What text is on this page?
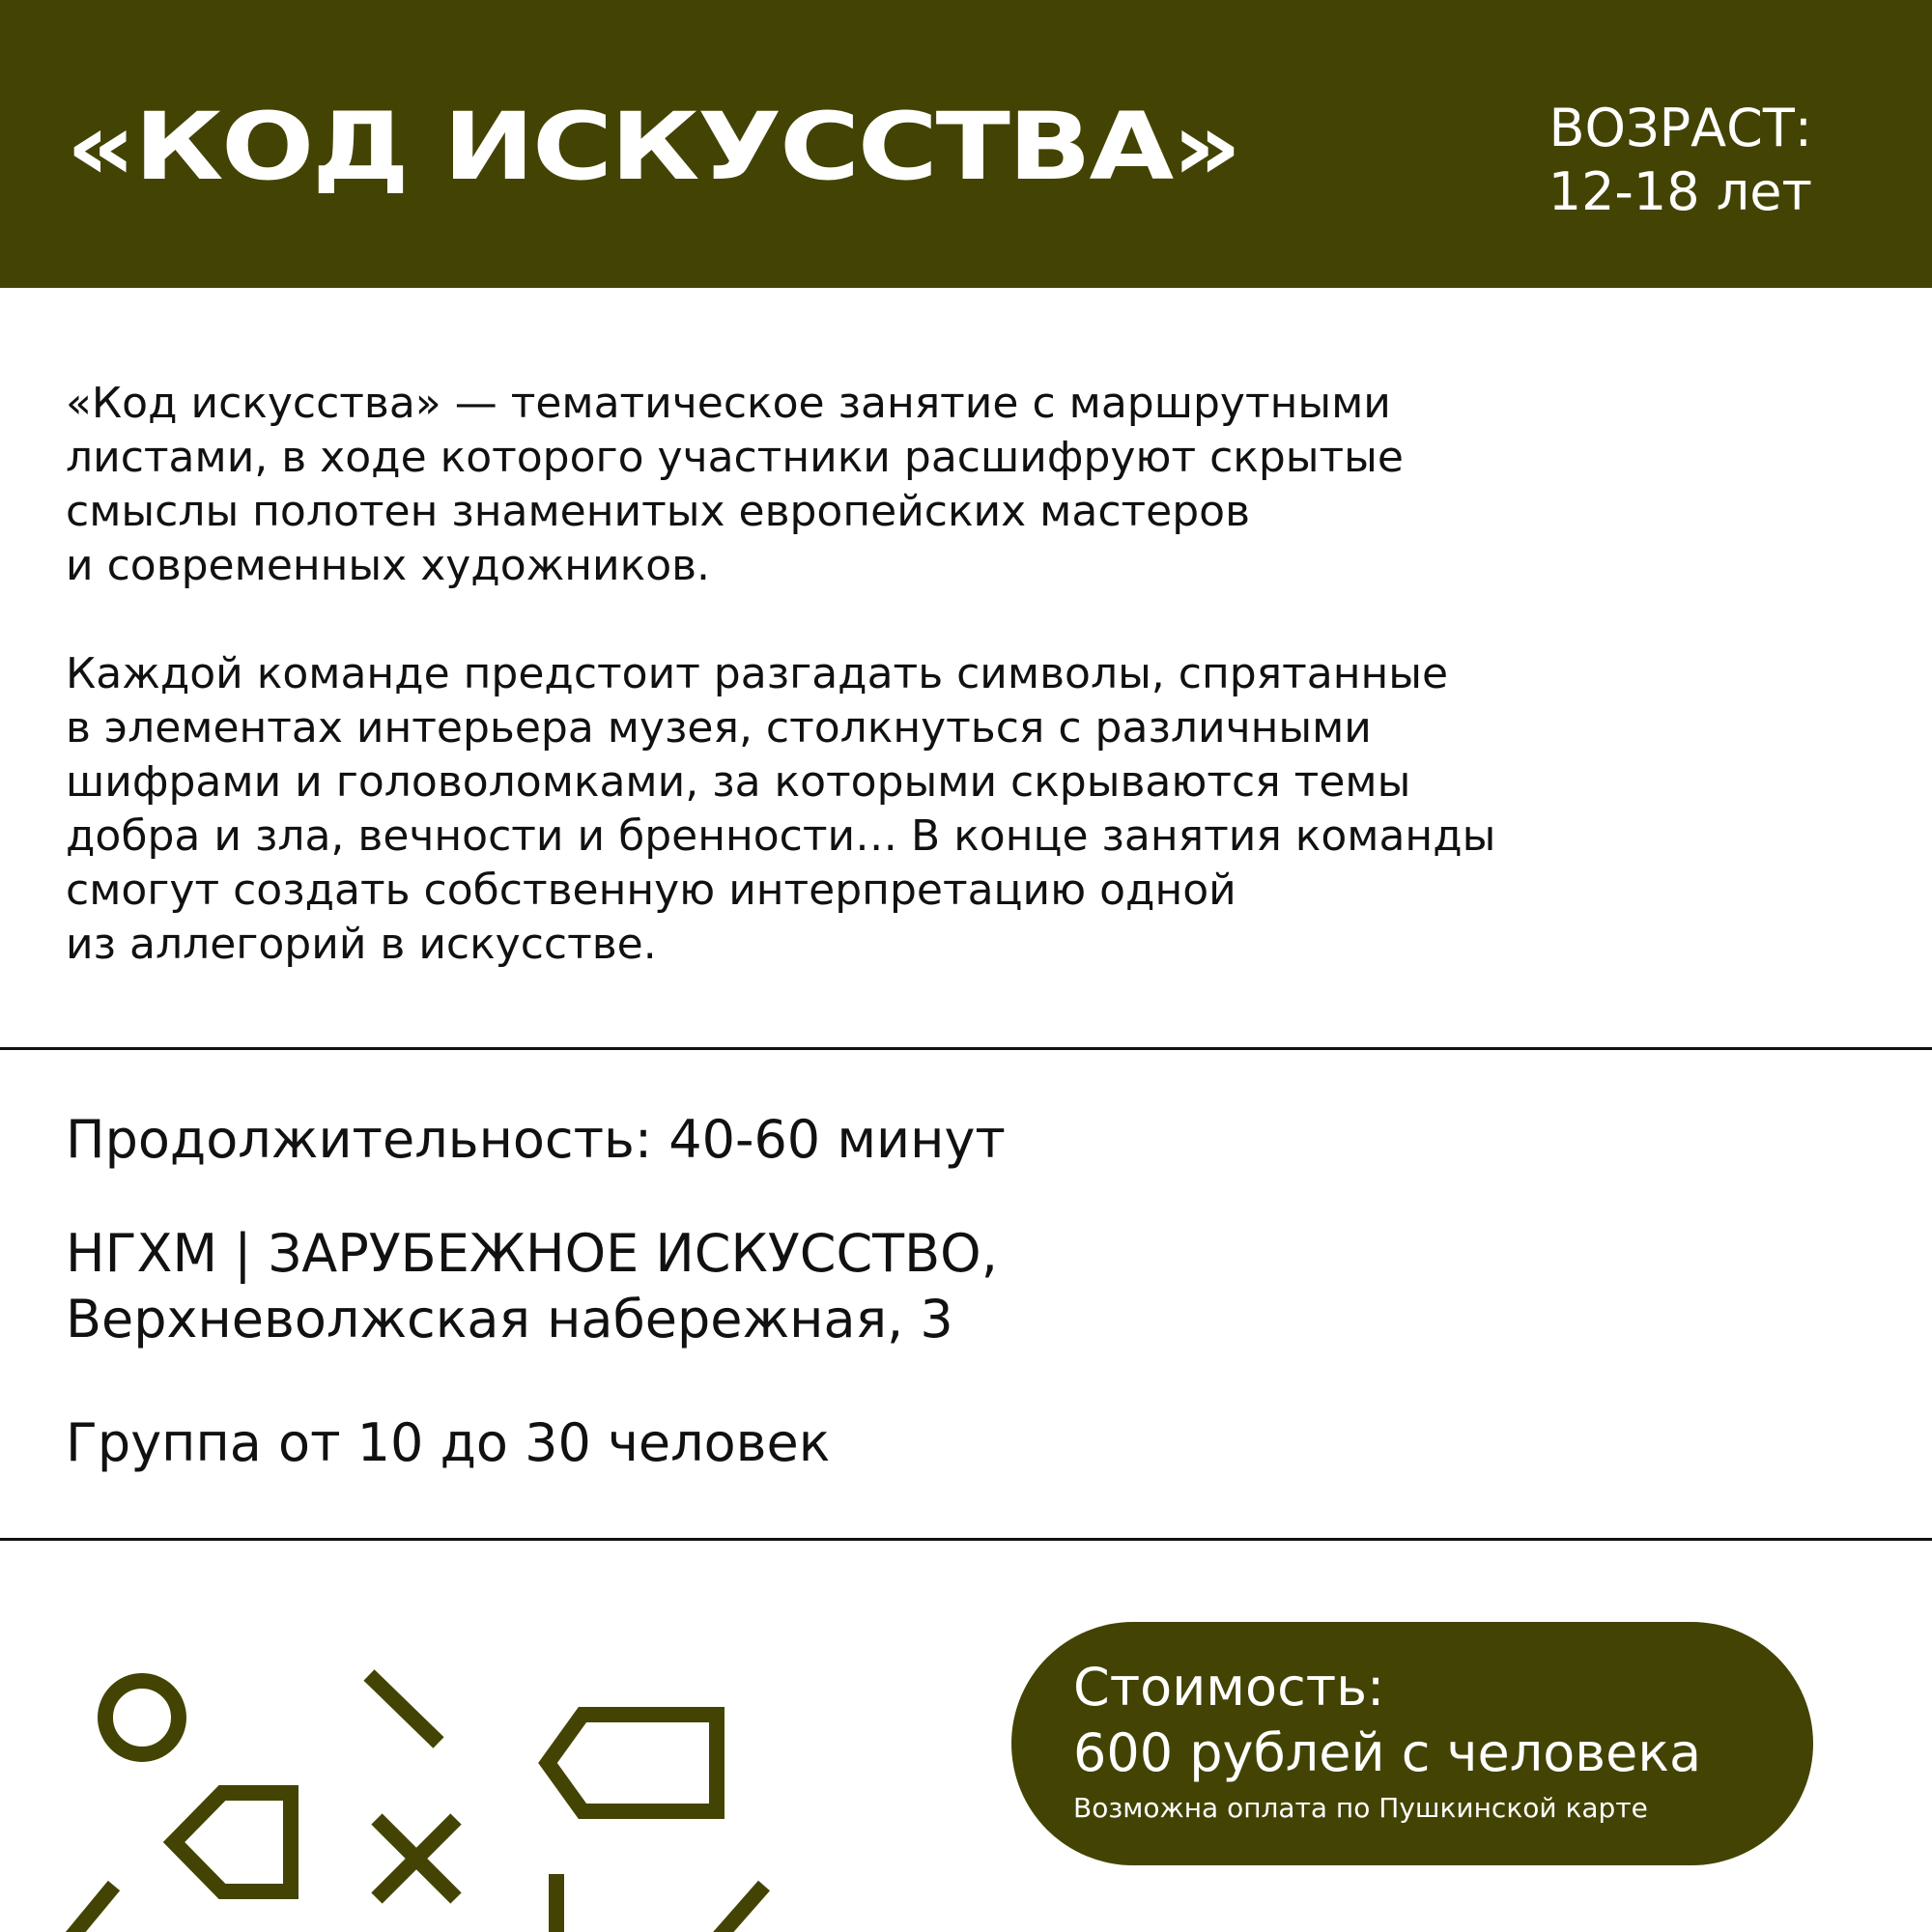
«КОД ИСКУССТВА»	ВОЗРАСТ:
12-18 лет
«Код искусства» — тематическое занятие с маршрутными
листами, в ходе которого участники расшифруют скрытые
смыслы полотен знаменитых европейских мастеров
и современных художников.
Каждой команде предстоит разгадать символы, спрятанные
в элементах интерьера музея, столкнуться с различными
шифрами и головоломками, за которыми скрываются темы
добра и зла, вечности и бренности… В конце занятия команды
смогут создать собственную интерпретацию одной
из аллегорий в искусстве.
Продолжительность: 40-60 минут
НГХМ | ЗАРУБЕЖНОЕ ИСКУССТВО,
Верхневолжская набережная, 3
Группа от 10 до 30 человек
Стоимость:
600 рублей с человека
Возможна оплата по Пушкинской карте
